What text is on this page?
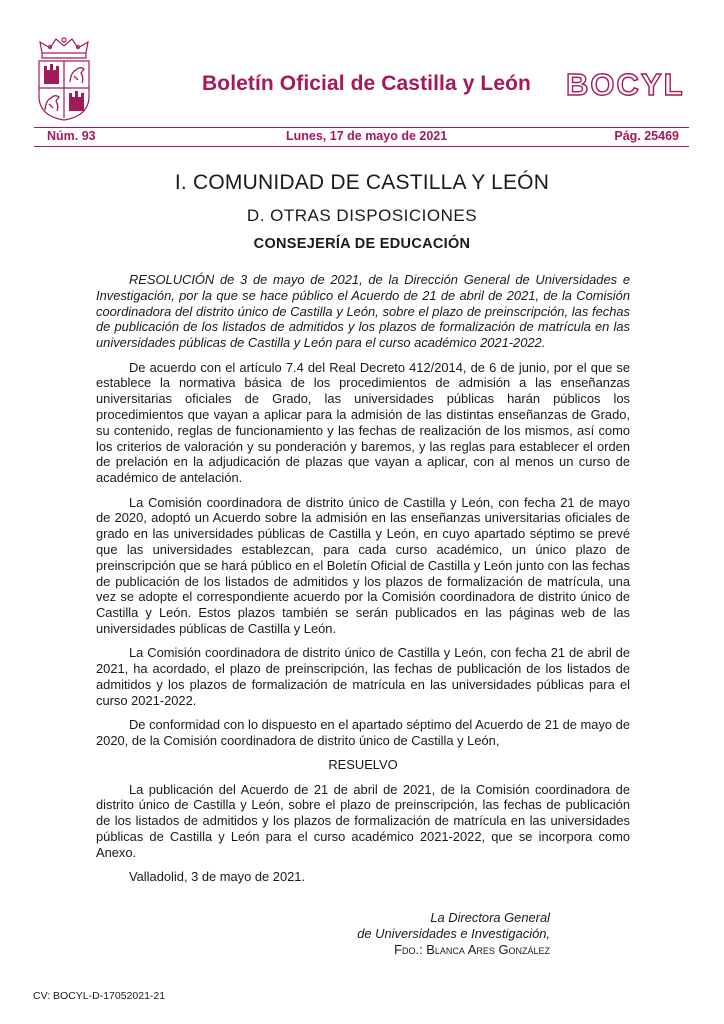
Boletín Oficial de Castilla y León BOCYL
Núm. 93	Lunes, 17 de mayo de 2021	Pág. 25469
I. COMUNIDAD DE CASTILLA Y LEÓN
D. OTRAS DISPOSICIONES
CONSEJERÍA DE EDUCACIÓN

RESOLUCIÓN de 3 de mayo de 2021, de la Dirección General de Universidades e Investigación, por la que se hace público el Acuerdo de 21 de abril de 2021, de la Comisión coordinadora del distrito único de Castilla y León, sobre el plazo de preinscripción, las fechas de publicación de los listados de admitidos y los plazos de formalización de matrícula en las universidades públicas de Castilla y León para el curso académico 2021-2022.

De acuerdo con el artículo 7.4 del Real Decreto 412/2014, de 6 de junio, por el que se establece la normativa básica de los procedimientos de admisión a las enseñanzas universitarias oficiales de Grado, las universidades públicas harán públicos los procedimientos que vayan a aplicar para la admisión de las distintas enseñanzas de Grado, su contenido, reglas de funcionamiento y las fechas de realización de los mismos, así como los criterios de valoración y su ponderación y baremos, y las reglas para establecer el orden de prelación en la adjudicación de plazas que vayan a aplicar, con al menos un curso de académico de antelación.

La Comisión coordinadora de distrito único de Castilla y León, con fecha 21 de mayo de 2020, adoptó un Acuerdo sobre la admisión en las enseñanzas universitarias oficiales de grado en las universidades públicas de Castilla y León, en cuyo apartado séptimo se prevé que las universidades establezcan, para cada curso académico, un único plazo de preinscripción que se hará público en el Boletín Oficial de Castilla y León junto con las fechas de publicación de los listados de admitidos y los plazos de formalización de matrícula, una vez se adopte el correspondiente acuerdo por la Comisión coordinadora de distrito único de Castilla y León. Estos plazos también se serán publicados en las páginas web de las universidades públicas de Castilla y León.

La Comisión coordinadora de distrito único de Castilla y León, con fecha 21 de abril de 2021, ha acordado, el plazo de preinscripción, las fechas de publicación de los listados de admitidos y los plazos de formalización de matrícula en las universidades públicas para el curso 2021-2022.

De conformidad con lo dispuesto en el apartado séptimo del Acuerdo de 21 de mayo de 2020, de la Comisión coordinadora de distrito único de Castilla y León,

RESUELVO

La publicación del Acuerdo de 21 de abril de 2021, de la Comisión coordinadora de distrito único de Castilla y León, sobre el plazo de preinscripción, las fechas de publicación de los listados de admitidos y los plazos de formalización de matrícula en las universidades públicas de Castilla y León para el curso académico 2021-2022, que se incorpora como Anexo.

Valladolid, 3 de mayo de 2021.

La Directora General
de Universidades e Investigación,
Fdo.: Blanca Ares González
CV: BOCYL-D-17052021-21
